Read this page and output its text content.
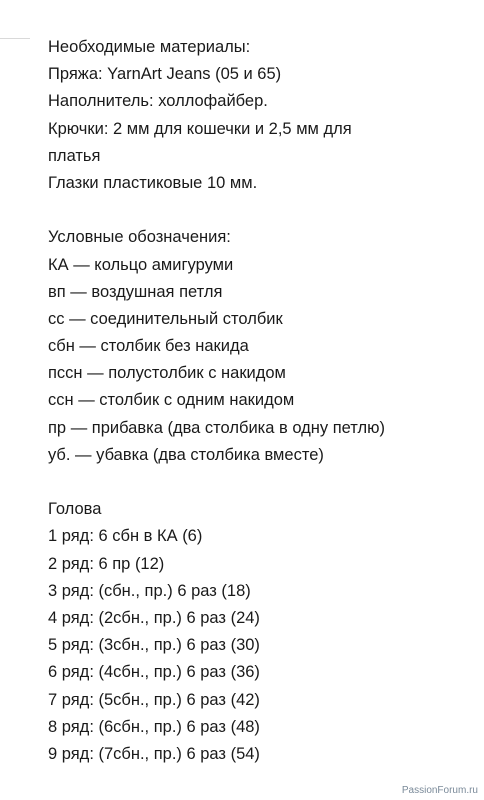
Необходимые материалы:
Пряжа: YarnArt Jeans (05 и 65)
Наполнитель: холлофайбер.
Крючки: 2 мм для кошечки и 2,5 мм для
платья
Глазки пластиковые 10 мм.
Условные обозначения:
КА — кольцо амигуруми
вп — воздушная петля
сс — соединительный столбик
сбн — столбик без накида
пссн — полустолбик с накидом
ссн — столбик с одним накидом
пр — прибавка (два столбика в одну петлю)
уб. — убавка (два столбика вместе)
Голова
1 ряд: 6 сбн в КА (6)
2 ряд: 6 пр (12)
3 ряд: (сбн., пр.) 6 раз (18)
4 ряд: (2сбн., пр.) 6 раз (24)
5 ряд: (3сбн., пр.) 6 раз (30)
6 ряд: (4сбн., пр.) 6 раз (36)
7 ряд: (5сбн., пр.) 6 раз (42)
8 ряд: (6сбн., пр.) 6 раз (48)
9 ряд: (7сбн., пр.) 6 раз (54)
PassionForum.ru
